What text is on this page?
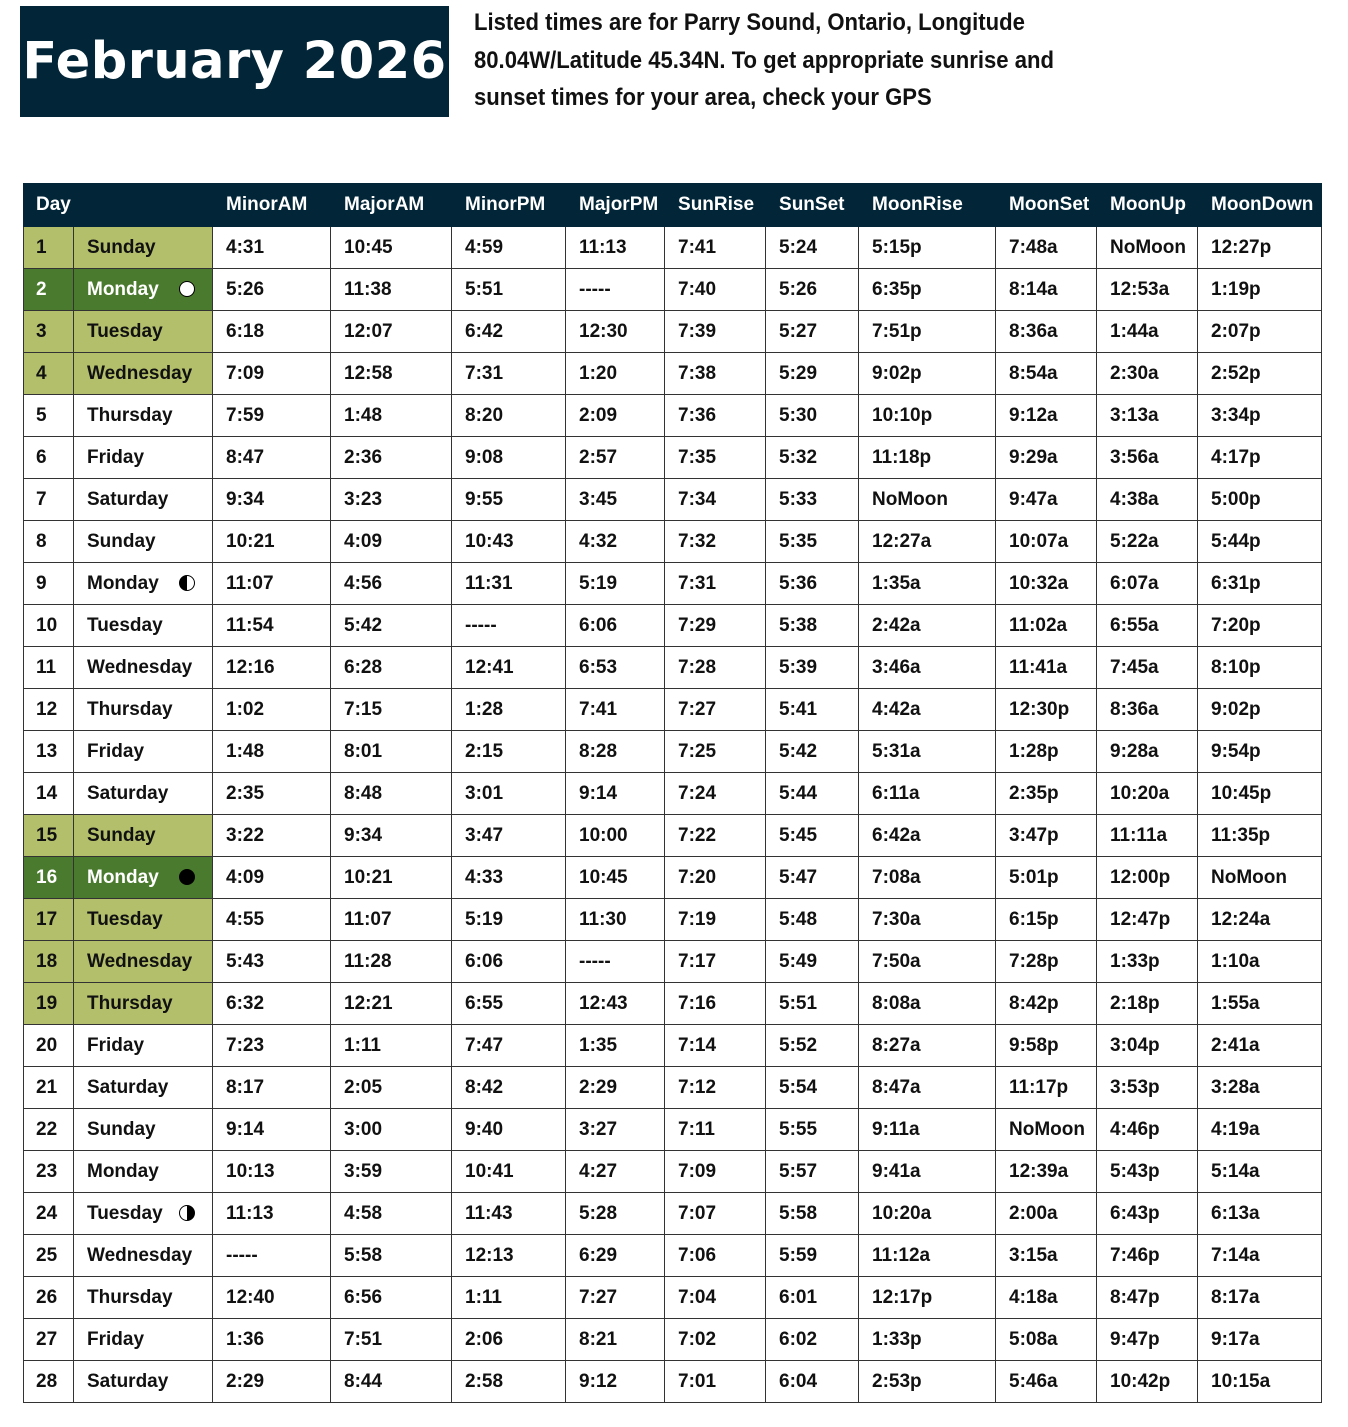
February 2026
Listed times are for Parry Sound, Ontario, Longitude
80.04W/Latitude 45.34N. To get appropriate sunrise and
sunset times for your area, check your GPS
Day		MinorAM	MajorAM	MinorPM	MajorPM	SunRise	SunSet	MoonRise	MoonSet	MoonUp	MoonDown
1	Sunday	4:31	10:45	4:59	11:13	7:41	5:24	5:15p	7:48a	NoMoon	12:27p
2	Monday	5:26	11:38	5:51	-----	7:40	5:26	6:35p	8:14a	12:53a	1:19p
3	Tuesday	6:18	12:07	6:42	12:30	7:39	5:27	7:51p	8:36a	1:44a	2:07p
4	Wednesday	7:09	12:58	7:31	1:20	7:38	5:29	9:02p	8:54a	2:30a	2:52p
5	Thursday	7:59	1:48	8:20	2:09	7:36	5:30	10:10p	9:12a	3:13a	3:34p
6	Friday	8:47	2:36	9:08	2:57	7:35	5:32	11:18p	9:29a	3:56a	4:17p
7	Saturday	9:34	3:23	9:55	3:45	7:34	5:33	NoMoon	9:47a	4:38a	5:00p
8	Sunday	10:21	4:09	10:43	4:32	7:32	5:35	12:27a	10:07a	5:22a	5:44p
9	Monday	11:07	4:56	11:31	5:19	7:31	5:36	1:35a	10:32a	6:07a	6:31p
10	Tuesday	11:54	5:42	-----	6:06	7:29	5:38	2:42a	11:02a	6:55a	7:20p
11	Wednesday	12:16	6:28	12:41	6:53	7:28	5:39	3:46a	11:41a	7:45a	8:10p
12	Thursday	1:02	7:15	1:28	7:41	7:27	5:41	4:42a	12:30p	8:36a	9:02p
13	Friday	1:48	8:01	2:15	8:28	7:25	5:42	5:31a	1:28p	9:28a	9:54p
14	Saturday	2:35	8:48	3:01	9:14	7:24	5:44	6:11a	2:35p	10:20a	10:45p
15	Sunday	3:22	9:34	3:47	10:00	7:22	5:45	6:42a	3:47p	11:11a	11:35p
16	Monday	4:09	10:21	4:33	10:45	7:20	5:47	7:08a	5:01p	12:00p	NoMoon
17	Tuesday	4:55	11:07	5:19	11:30	7:19	5:48	7:30a	6:15p	12:47p	12:24a
18	Wednesday	5:43	11:28	6:06	-----	7:17	5:49	7:50a	7:28p	1:33p	1:10a
19	Thursday	6:32	12:21	6:55	12:43	7:16	5:51	8:08a	8:42p	2:18p	1:55a
20	Friday	7:23	1:11	7:47	1:35	7:14	5:52	8:27a	9:58p	3:04p	2:41a
21	Saturday	8:17	2:05	8:42	2:29	7:12	5:54	8:47a	11:17p	3:53p	3:28a
22	Sunday	9:14	3:00	9:40	3:27	7:11	5:55	9:11a	NoMoon	4:46p	4:19a
23	Monday	10:13	3:59	10:41	4:27	7:09	5:57	9:41a	12:39a	5:43p	5:14a
24	Tuesday	11:13	4:58	11:43	5:28	7:07	5:58	10:20a	2:00a	6:43p	6:13a
25	Wednesday	-----	5:58	12:13	6:29	7:06	5:59	11:12a	3:15a	7:46p	7:14a
26	Thursday	12:40	6:56	1:11	7:27	7:04	6:01	12:17p	4:18a	8:47p	8:17a
27	Friday	1:36	7:51	2:06	8:21	7:02	6:02	1:33p	5:08a	9:47p	9:17a
28	Saturday	2:29	8:44	2:58	9:12	7:01	6:04	2:53p	5:46a	10:42p	10:15a
